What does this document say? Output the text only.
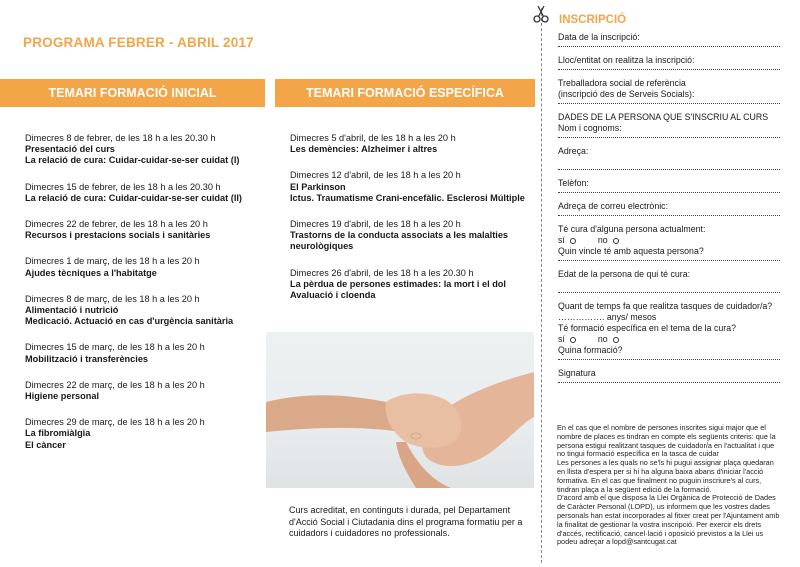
PROGRAMA FEBRER - ABRIL 2017
TEMARI FORMACIÓ INICIAL	TEMARI FORMACIÓ ESPECÍFICA
Dimecres 8 de febrer, de les 18 h a les 20.30 h
Presentació del curs
La relació de cura: Cuidar-cuidar-se-ser cuidat (I)
Dimecres 15 de febrer, de les 18 h a les 20.30 h
La relació de cura: Cuidar-cuidar-se-ser cuidat (II)
Dimecres 22 de febrer, de les 18 h a les 20 h
Recursos i prestacions socials i sanitàries
Dimecres 1 de març, de les 18 h a les 20 h
Ajudes tècniques a l'habitatge
Dimecres 8 de març, de les 18 h a les 20 h
Alimentació i nutrició
Medicació. Actuació en cas d'urgència sanitària
Dimecres 15 de març, de les 18 h a les 20 h
Mobilització i transferències
Dimecres 22 de març, de les 18 h a les 20 h
Higiene personal
Dimecres 29 de març, de les 18 h a les 20 h
La fibromiàlgia
El càncer
Dimecres 5 d'abril, de les 18 h a les 20 h
Les demències: Alzheimer i altres
Dimecres 12 d'abril, de les 18 h a les 20 h
El Parkinson
Ictus. Traumatisme Crani-encefàlic. Esclerosi Múltiple
Dimecres 19 d'abril, de les 18 h a les 20 h
Trastorns de la conducta associats a les malalties neurològiques
Dimecres 26 d'abril, de les 18 h a les 20.30 h
La pèrdua de persones estimades: la mort i el dol
Avaluació i cloenda
Curs acreditat, en continguts i durada, pel Departament d'Acció Social i Ciutadania dins el programa formatiu per a cuidadors i cuidadores no professionals.
INSCRIPCIÓ
Data de la inscripció:
Lloc/entitat on realitza la inscripció:
Treballadora social de referència
(inscripció des de Serveis Socials):
DADES DE LA PERSONA QUE S'INSCRIU AL CURS
Nom i cognoms:
Adreça:
Telèfon:
Adreça de correu electrònic:
Té cura d'alguna persona actualment:
sí	no
Quin vincle té amb aquesta persona?
Edat de la persona de qui té cura:
Quant de temps fa que realitza tasques de cuidador/a?
……………. anys/ mesos
Té formació específica en el tema de la cura?
sí	no
Quina formació?
Signatura
En el cas que el nombre de persones inscrites sigui major que el nombre de places es tindran en compte els següents criteris: que la persona estigui realitzant tasques de cuidador/a en l'actualitat i que no tingui formació específica en la tasca de cuidar
Les persones a les quals no se'ls hi pugui assignar plaça quedaran en llista d'espera per si hi ha alguna baixa abans d'iniciar l'acció formativa. En el cas que finalment no puguin inscriure's al curs, tindran plaça a la següent edició de la formació.
D'acord amb el que disposa la Llei Orgànica de Protecció de Dades de Caràcter Personal (LOPD), us informem que les vostres dades personals han estat incorporades al fitxer creat per l'Ajuntament amb la finalitat de gestionar la vostra inscripció. Per exercir els drets d'accés, rectificació, cancel·lació i oposició previstos a la Llei us podeu adreçar a lopd@santcugat.cat
